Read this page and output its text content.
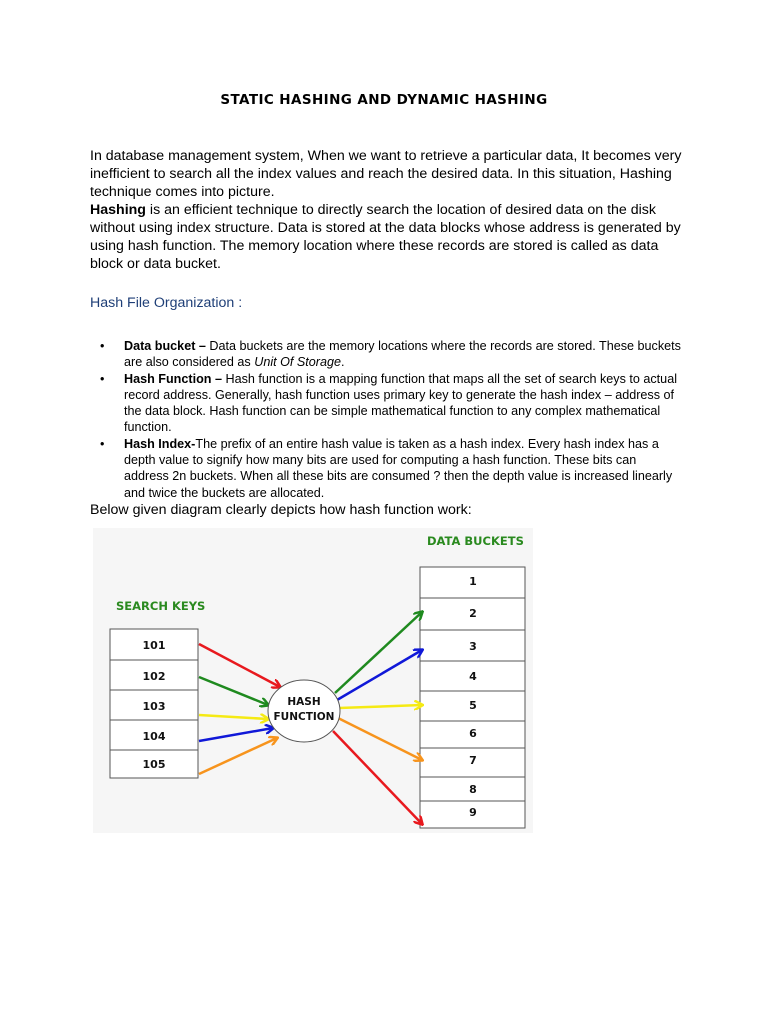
STATIC HASHING AND DYNAMIC HASHING

In database management system, When we want to retrieve a particular data, It becomes very inefficient to search all the index values and reach the desired data. In this situation, Hashing technique comes into picture.

Hashing is an efficient technique to directly search the location of desired data on the disk without using index structure. Data is stored at the data blocks whose address is generated by using hash function. The memory location where these records are stored is called as data block or data bucket.

Hash File Organization :
• Data bucket – Data buckets are the memory locations where the records are stored. These buckets are also considered as Unit Of Storage.
• Hash Function – Hash function is a mapping function that maps all the set of search keys to actual record address. Generally, hash function uses primary key to generate the hash index – address of the data block. Hash function can be simple mathematical function to any complex mathematical function.
• Hash Index-The prefix of an entire hash value is taken as a hash index. Every hash index has a depth value to signify how many bits are used for computing a hash function. These bits can address 2n buckets. When all these bits are consumed ? then the depth value is increased linearly and twice the buckets are allocated.
Below given diagram clearly depicts how hash function work:
SEARCH KEYS
DATA BUCKETS
101
102
103
104
105
1
2
3
4
5
6
7
8
9
HASH
FUNCTION
